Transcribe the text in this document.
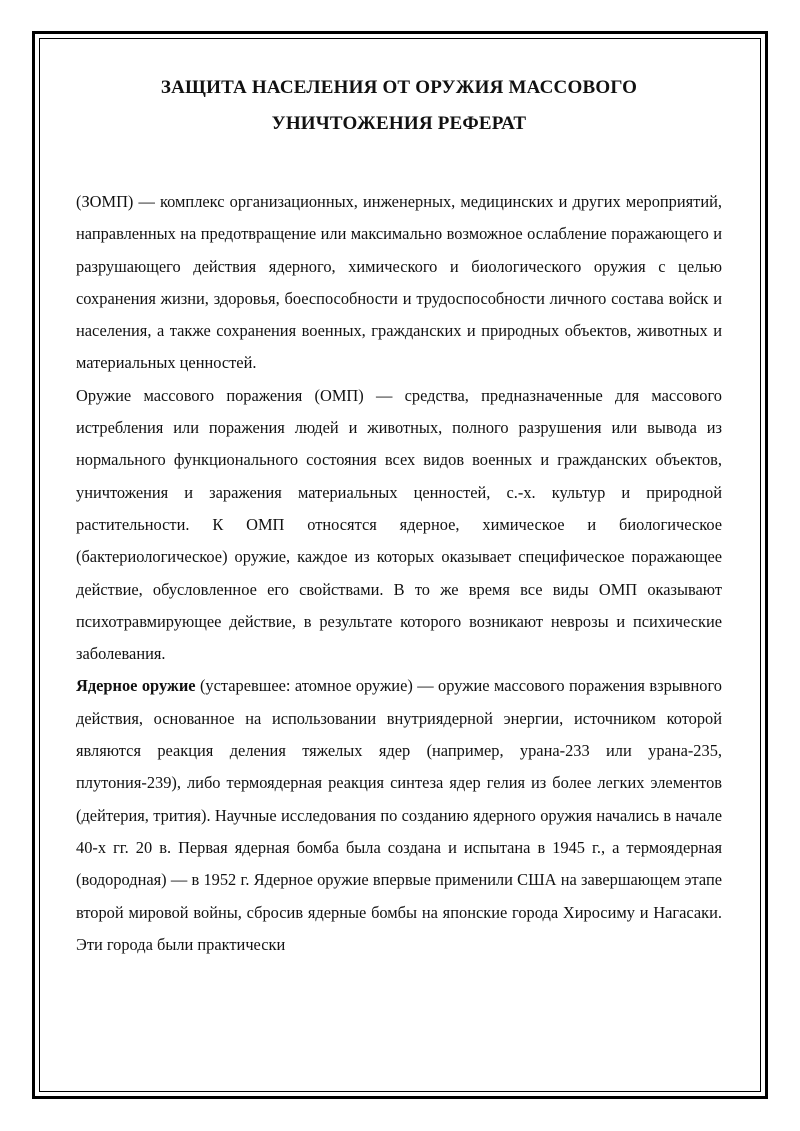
ЗАЩИТА НАСЕЛЕНИЯ ОТ ОРУЖИЯ МАССОВОГО
УНИЧТОЖЕНИЯ РЕФЕРАТ

(ЗОМП) — комплекс организационных, инженерных, медицинских и других мероприятий, направленных на предотвращение или максимально возможное ослабление поражающего и разрушающего действия ядерного, химического и биологического оружия с целью сохранения жизни, здоровья, боеспособности и трудоспособности личного состава войск и населения, а также сохранения военных, гражданских и природных объектов, животных и материальных ценностей.

Оружие массового поражения (ОМП) — средства, предназначенные для массового истребления или поражения людей и животных, полного разрушения или вывода из нормального функционального состояния всех видов военных и гражданских объектов, уничтожения и заражения материальных ценностей, с.-х. культур и природной растительности. К ОМП относятся ядерное, химическое и биологическое (бактериологическое) оружие, каждое из которых оказывает специфическое поражающее действие, обусловленное его свойствами. В то же время все виды ОМП оказывают психотравмирующее действие, в результате которого возникают неврозы и психические заболевания.

Ядерное оружие (устаревшее: атомное оружие) — оружие массового поражения взрывного действия, основанное на использовании внутриядерной энергии, источником которой являются реакция деления тяжелых ядер (например, урана-233 или урана-235, плутония-239), либо термоядерная реакция синтеза ядер гелия из более легких элементов (дейтерия, трития). Научные исследования по созданию ядерного оружия начались в начале 40-х гг. 20 в. Первая ядерная бомба была создана и испытана в 1945 г., а термоядерная (водородная) — в 1952 г. Ядерное оружие впервые применили США на завершающем этапе второй мировой войны, сбросив ядерные бомбы на японские города Хиросиму и Нагасаки. Эти города были практически
